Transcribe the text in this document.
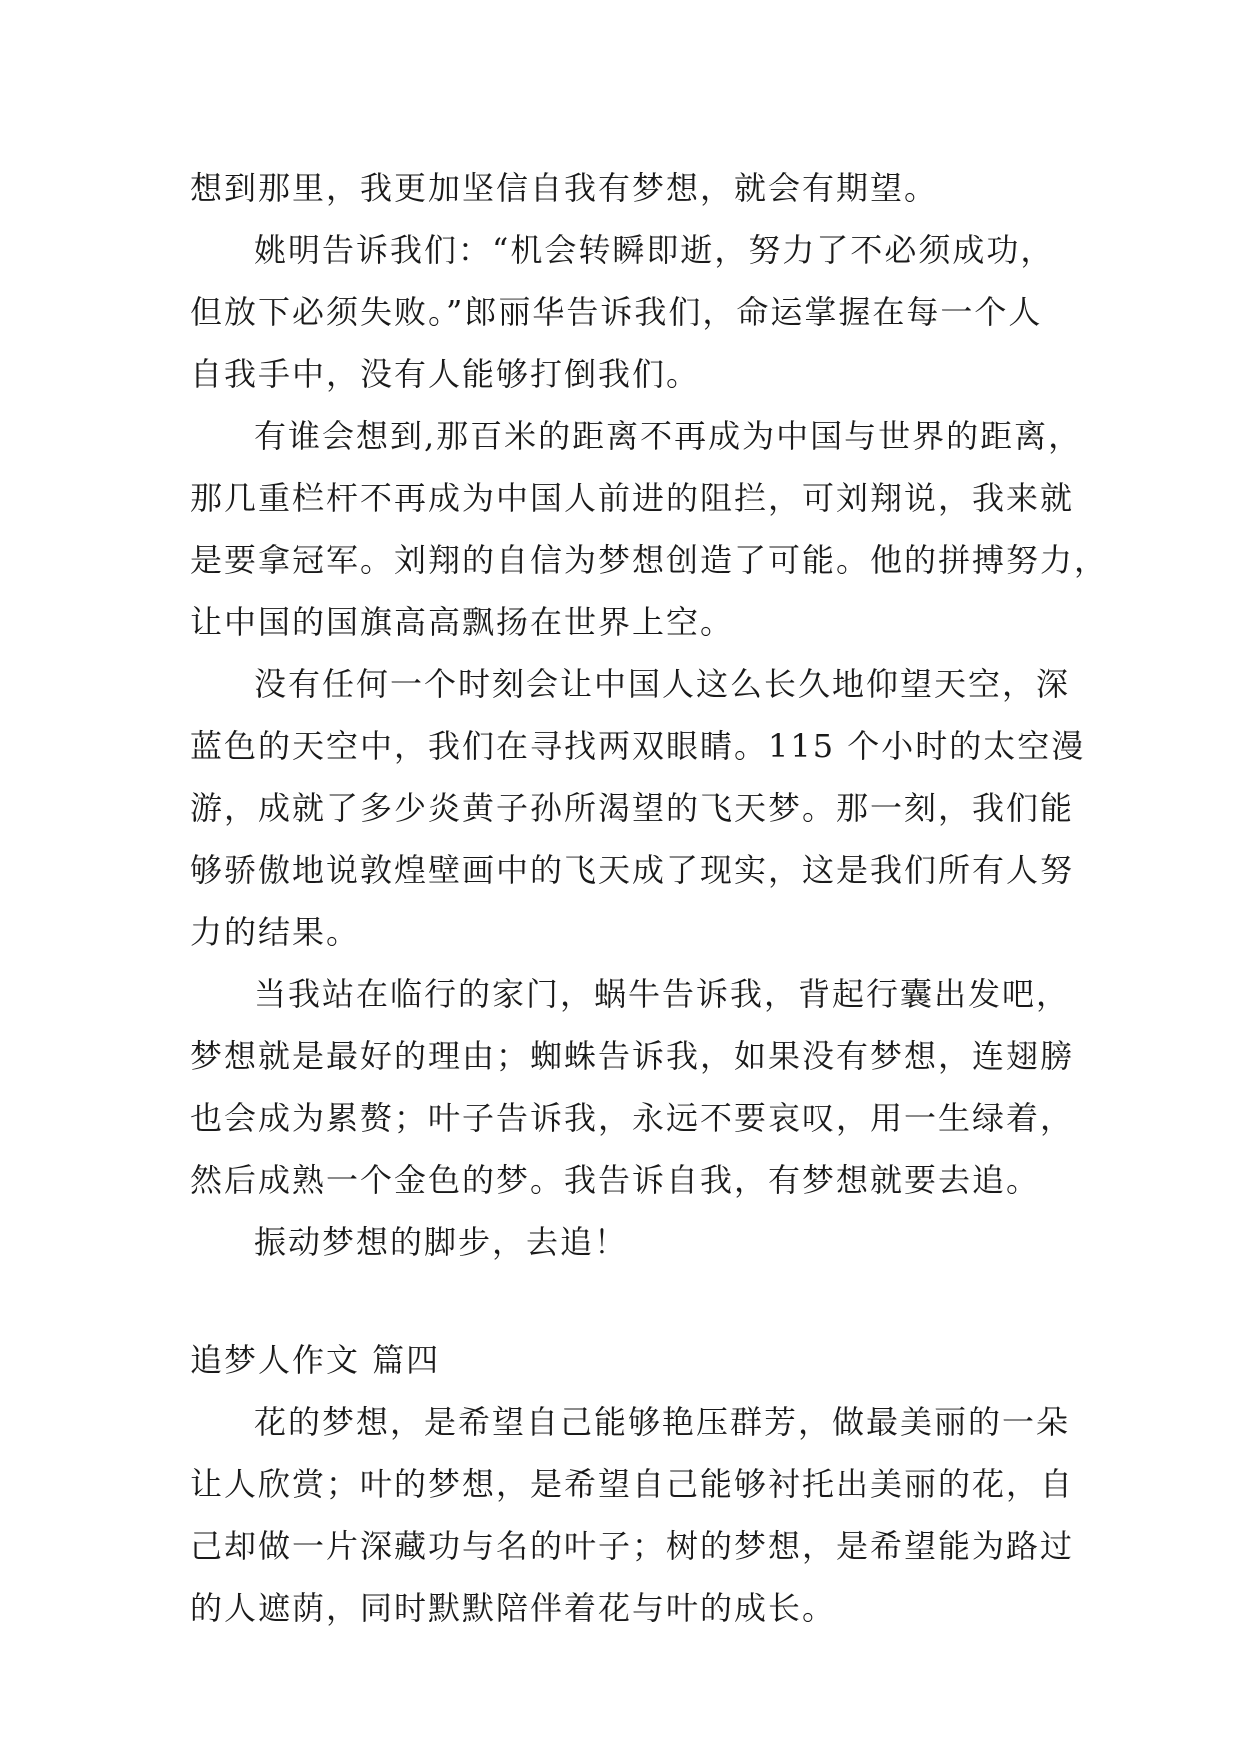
想到那里，我更加坚信自我有梦想，就会有期望。
姚明告诉我们：“机会转瞬即逝，努力了不必须成功，
但放下必须失败。”郎丽华告诉我们，命运掌握在每一个人
自我手中，没有人能够打倒我们。
有谁会想到,那百米的距离不再成为中国与世界的距离，
那几重栏杆不再成为中国人前进的阻拦，可刘翔说，我来就
是要拿冠军。刘翔的自信为梦想创造了可能。他的拼搏努力，
让中国的国旗高高飘扬在世界上空。
没有任何一个时刻会让中国人这么长久地仰望天空，深
蓝色的天空中，我们在寻找两双眼睛。115 个小时的太空漫
游，成就了多少炎黄子孙所渴望的飞天梦。那一刻，我们能
够骄傲地说敦煌壁画中的飞天成了现实，这是我们所有人努
力的结果。
当我站在临行的家门，蜗牛告诉我，背起行囊出发吧，
梦想就是最好的理由；蜘蛛告诉我，如果没有梦想，连翅膀
也会成为累赘；叶子告诉我，永远不要哀叹，用一生绿着，
然后成熟一个金色的梦。我告诉自我，有梦想就要去追。
振动梦想的脚步，去追！
追梦人作文 篇四
花的梦想，是希望自己能够艳压群芳，做最美丽的一朵
让人欣赏；叶的梦想，是希望自己能够衬托出美丽的花，自
己却做一片深藏功与名的叶子；树的梦想，是希望能为路过
的人遮荫，同时默默陪伴着花与叶的成长。
